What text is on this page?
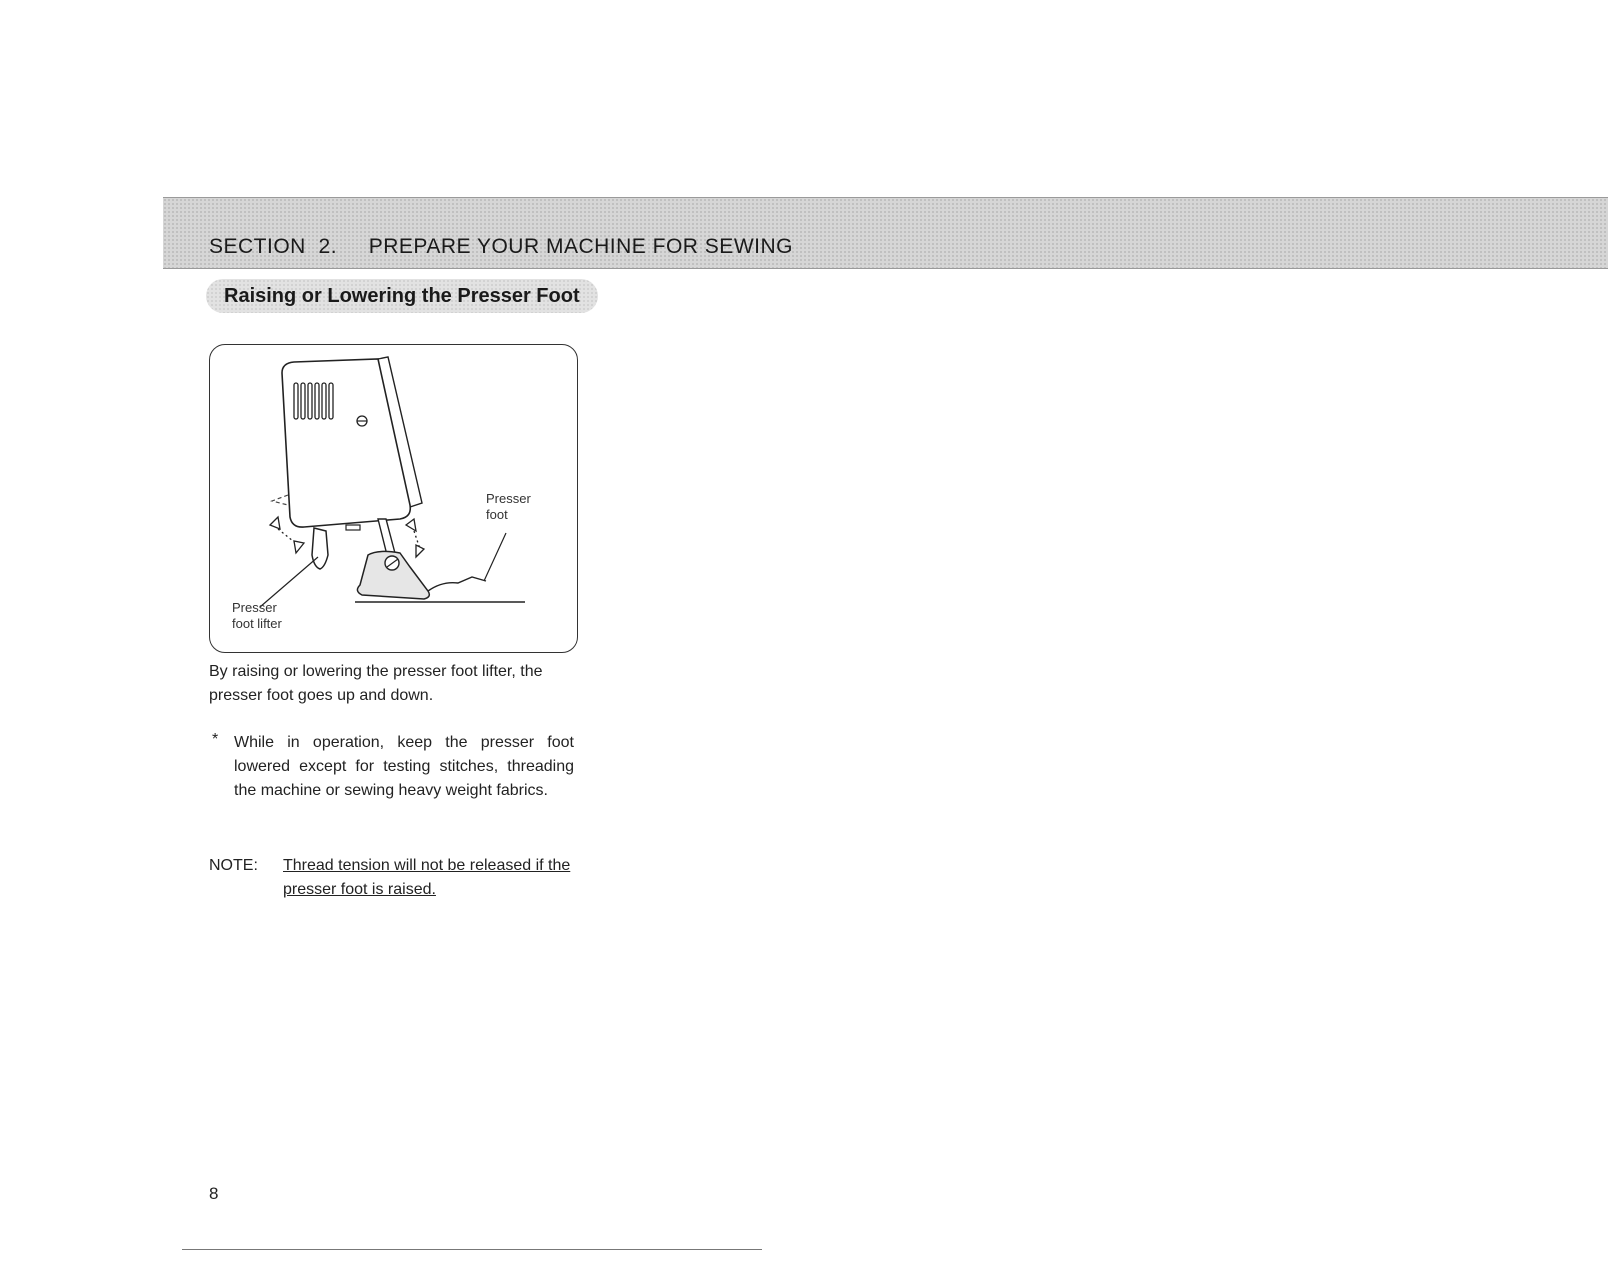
SECTION  2.     PREPARE YOUR MACHINE FOR SEWING
Raising or Lowering the Presser Foot
Presser
foot
Presser
foot lifter
By raising or lowering the presser foot lifter, the presser foot goes up and down.
* While in operation, keep the presser foot lowered except for testing stitches, threading the machine or sewing heavy weight fabrics.
NOTE: Thread tension will not be released if the presser foot is raised.
8
